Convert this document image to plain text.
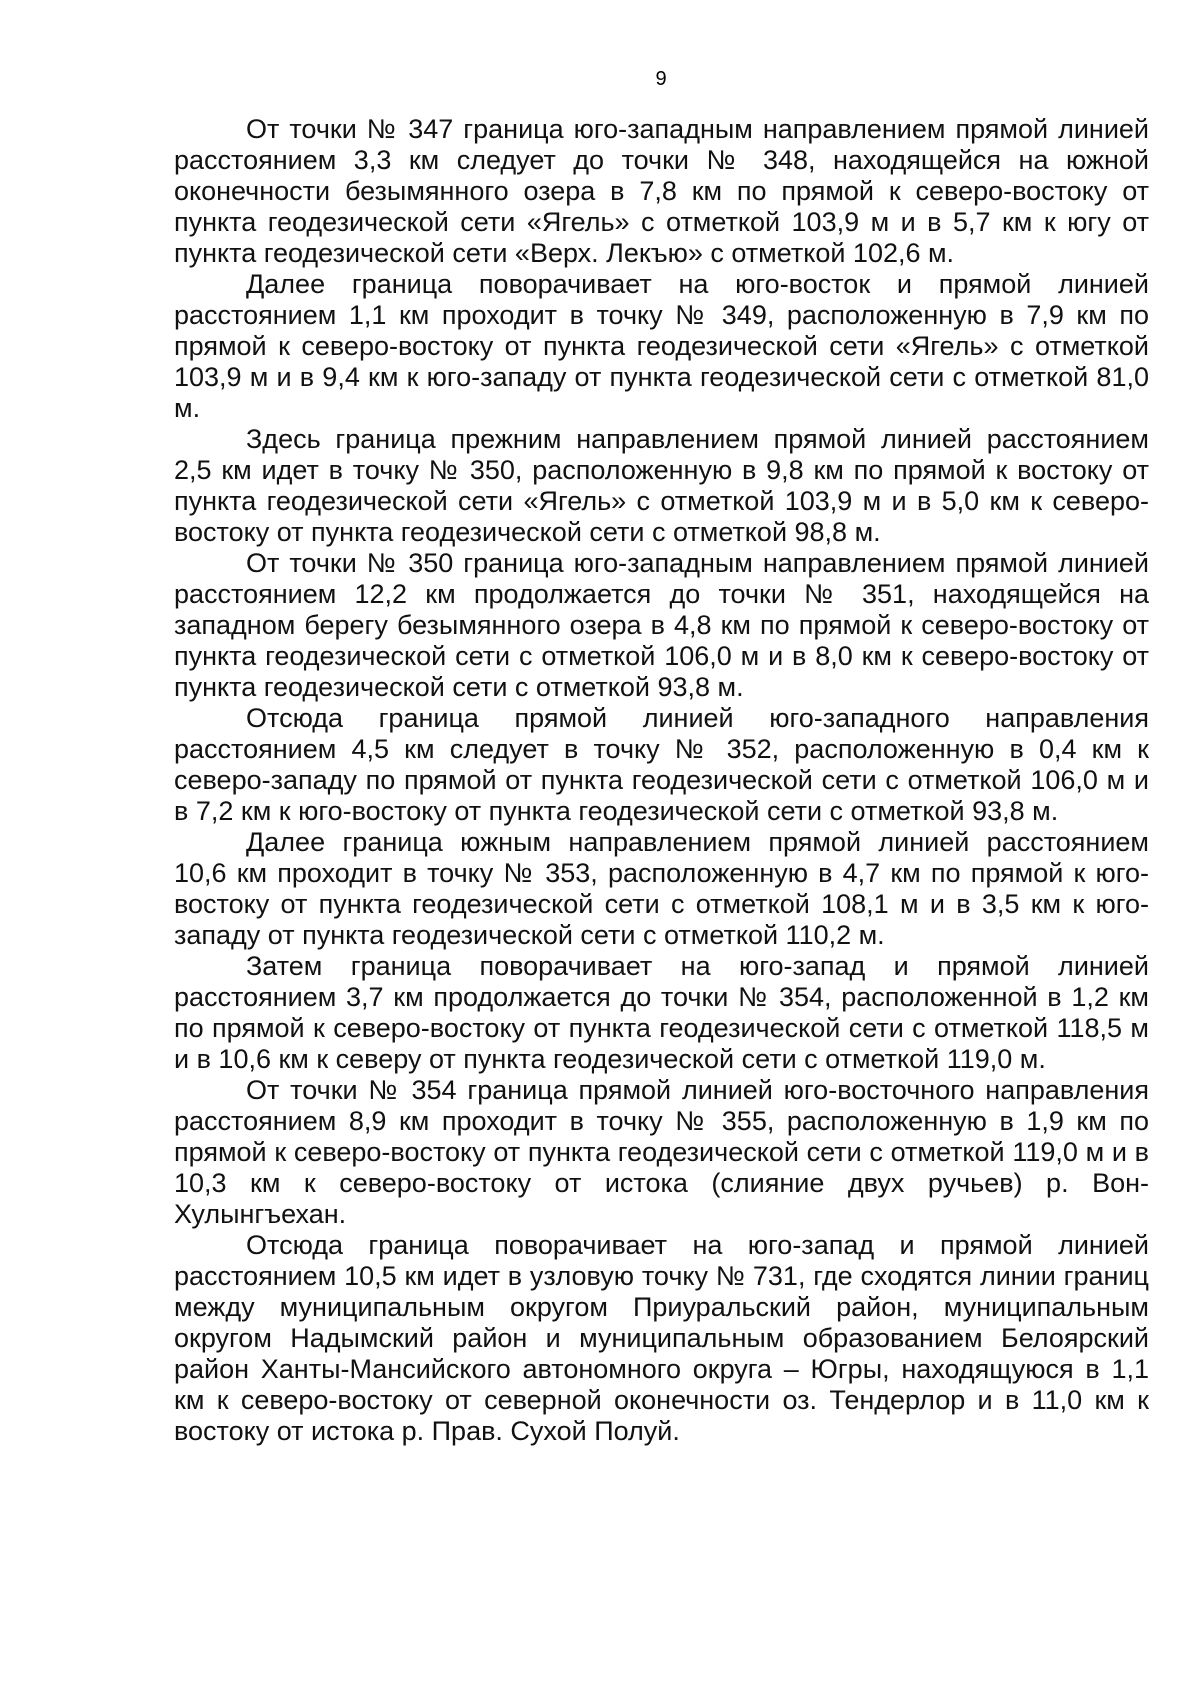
9

От точки № 347 граница юго-западным направлением прямой линией расстоянием 3,3 км следует до точки № 348, находящейся на южной оконечности безымянного озера в 7,8 км по прямой к северо-востоку от пункта геодезической сети «Ягель» с отметкой 103,9 м и в 5,7 км к югу от пункта геодезической сети «Верх. Лекъю» с отметкой 102,6 м.

Далее граница поворачивает на юго-восток и прямой линией расстоянием 1,1 км проходит в точку № 349, расположенную в 7,9 км по прямой к северо-востоку от пункта геодезической сети «Ягель» с отметкой 103,9 м и в 9,4 км к юго-западу от пункта геодезической сети с отметкой 81,0 м.

Здесь граница прежним направлением прямой линией расстоянием 2,5 км идет в точку № 350, расположенную в 9,8 км по прямой к востоку от пункта геодезической сети «Ягель» с отметкой 103,9 м и в 5,0 км к северо-востоку от пункта геодезической сети с отметкой 98,8 м.

От точки № 350 граница юго-западным направлением прямой линией расстоянием 12,2 км продолжается до точки № 351, находящейся на западном берегу безымянного озера в 4,8 км по прямой к северо-востоку от пункта геодезической сети с отметкой 106,0 м и в 8,0 км к северо-востоку от пункта геодезической сети с отметкой 93,8 м.

Отсюда граница прямой линией юго-западного направления расстоянием 4,5 км следует в точку № 352, расположенную в 0,4 км к северо-западу по прямой от пункта геодезической сети с отметкой 106,0 м и в 7,2 км к юго-востоку от пункта геодезической сети с отметкой 93,8 м.

Далее граница южным направлением прямой линией расстоянием 10,6 км проходит в точку № 353, расположенную в 4,7 км по прямой к юго-востоку от пункта геодезической сети с отметкой 108,1 м и в 3,5 км к юго-западу от пункта геодезической сети с отметкой 110,2 м.

Затем граница поворачивает на юго-запад и прямой линией расстоянием 3,7 км продолжается до точки № 354, расположенной в 1,2 км по прямой к северо-востоку от пункта геодезической сети с отметкой 118,5 м и в 10,6 км к северу от пункта геодезической сети с отметкой 119,0 м.

От точки № 354 граница прямой линией юго-восточного направления расстоянием 8,9 км проходит в точку № 355, расположенную в 1,9 км по прямой к северо-востоку от пункта геодезической сети с отметкой 119,0 м и в 10,3 км к северо-востоку от истока (слияние двух ручьев) р. Вон-Хулынгъехан.

Отсюда граница поворачивает на юго-запад и прямой линией расстоянием 10,5 км идет в узловую точку № 731, где сходятся линии границ между муниципальным округом Приуральский район, муниципальным округом Надымский район и муниципальным образованием Белоярский район Ханты-Мансийского автономного округа – Югры, находящуюся в 1,1 км к северо-востоку от северной оконечности оз. Тендерлор и в 11,0 км к востоку от истока р. Прав. Сухой Полуй.
